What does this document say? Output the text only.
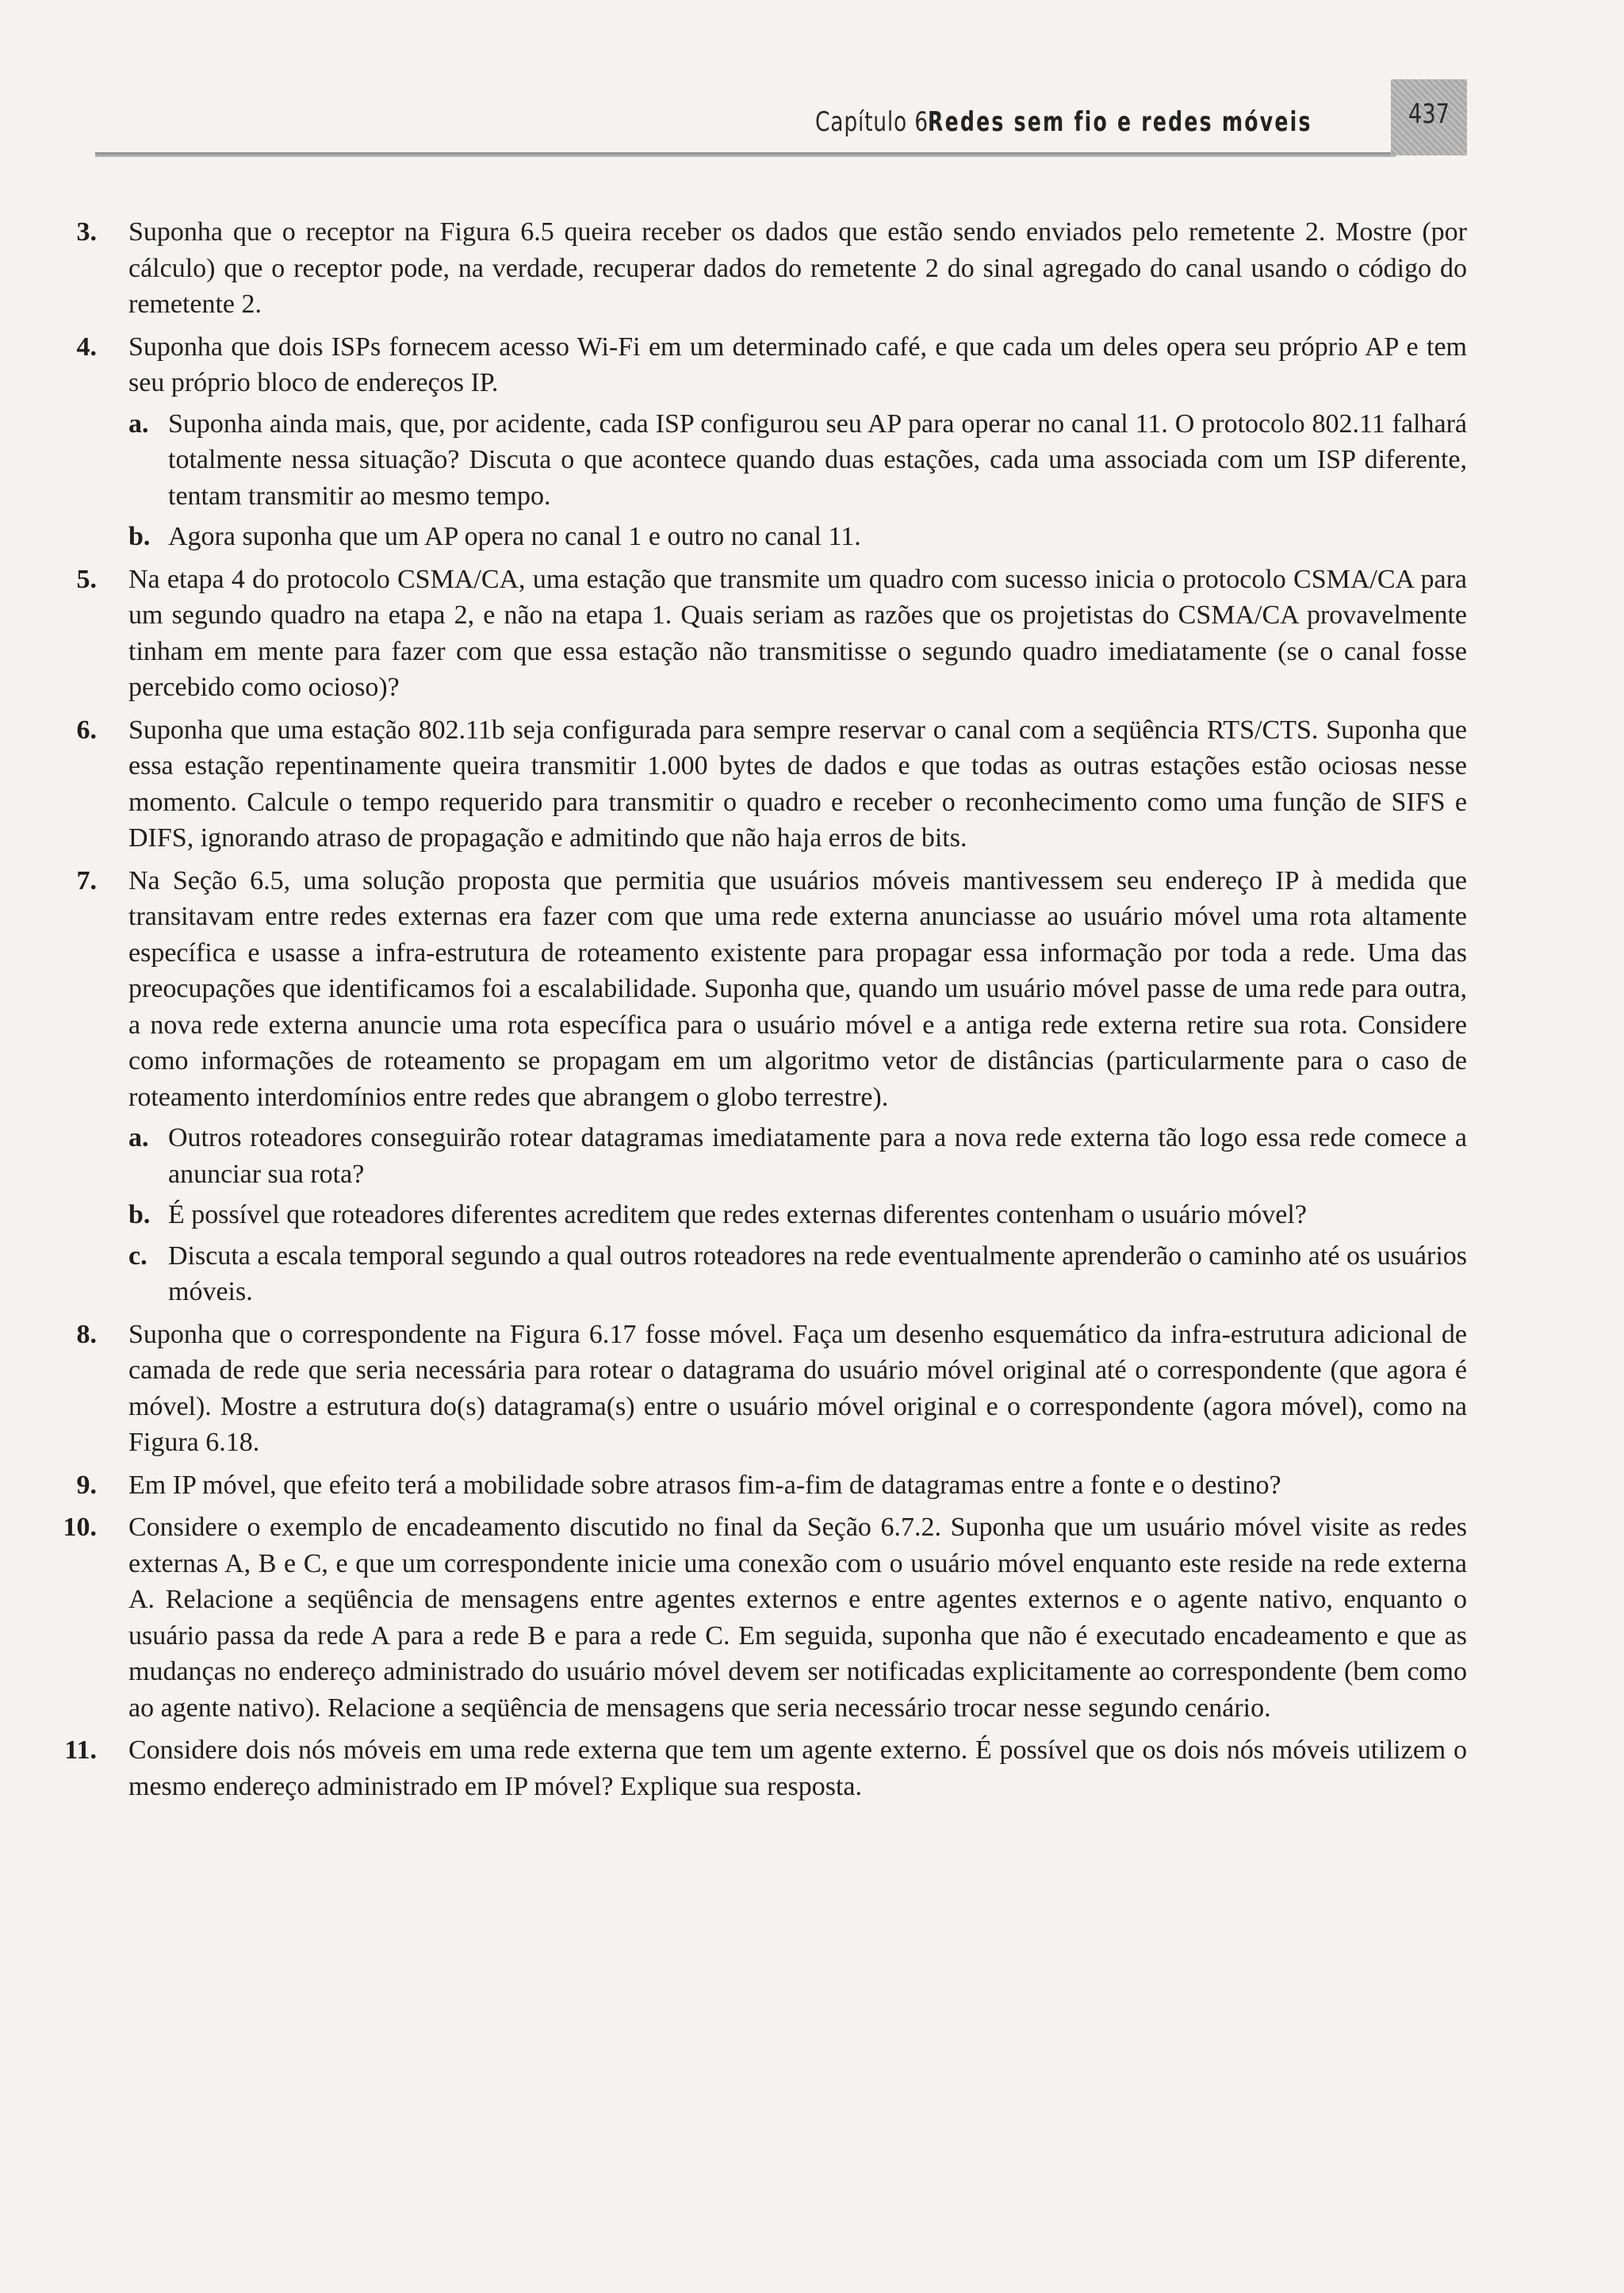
Capítulo 6 Redes sem fio e redes móveis	437
3. Suponha que o receptor na Figura 6.5 queira receber os dados que estão sendo enviados pelo remetente 2. Mostre (por cálculo) que o receptor pode, na verdade, recuperar dados do remetente 2 do sinal agregado do canal usando o código do remetente 2.
4. Suponha que dois ISPs fornecem acesso Wi-Fi em um determinado café, e que cada um deles opera seu próprio AP e tem seu próprio bloco de endereços IP.
a. Suponha ainda mais, que, por acidente, cada ISP configurou seu AP para operar no canal 11. O protocolo 802.11 falhará totalmente nessa situação? Discuta o que acontece quando duas estações, cada uma associada com um ISP diferente, tentam transmitir ao mesmo tempo.
b. Agora suponha que um AP opera no canal 1 e outro no canal 11.
5. Na etapa 4 do protocolo CSMA/CA, uma estação que transmite um quadro com sucesso inicia o protocolo CSMA/CA para um segundo quadro na etapa 2, e não na etapa 1. Quais seriam as razões que os projetistas do CSMA/CA provavelmente tinham em mente para fazer com que essa estação não transmitisse o segundo quadro imediatamente (se o canal fosse percebido como ocioso)?
6. Suponha que uma estação 802.11b seja configurada para sempre reservar o canal com a seqüência RTS/CTS. Suponha que essa estação repentinamente queira transmitir 1.000 bytes de dados e que todas as outras estações estão ociosas nesse momento. Calcule o tempo requerido para transmitir o quadro e receber o reconhecimento como uma função de SIFS e DIFS, ignorando atraso de propagação e admitindo que não haja erros de bits.
7. Na Seção 6.5, uma solução proposta que permitia que usuários móveis mantivessem seu endereço IP à medida que transitavam entre redes externas era fazer com que uma rede externa anunciasse ao usuário móvel uma rota altamente específica e usasse a infra-estrutura de roteamento existente para propagar essa informação por toda a rede. Uma das preocupações que identificamos foi a escalabilidade. Suponha que, quando um usuário móvel passe de uma rede para outra, a nova rede externa anuncie uma rota específica para o usuário móvel e a antiga rede externa retire sua rota. Considere como informações de roteamento se propagam em um algoritmo vetor de distâncias (particularmente para o caso de roteamento interdomínios entre redes que abrangem o globo terrestre).
a. Outros roteadores conseguirão rotear datagramas imediatamente para a nova rede externa tão logo essa rede comece a anunciar sua rota?
b. É possível que roteadores diferentes acreditem que redes externas diferentes contenham o usuário móvel?
c. Discuta a escala temporal segundo a qual outros roteadores na rede eventualmente aprenderão o caminho até os usuários móveis.
8. Suponha que o correspondente na Figura 6.17 fosse móvel. Faça um desenho esquemático da infra-estrutura adicional de camada de rede que seria necessária para rotear o datagrama do usuário móvel original até o correspondente (que agora é móvel). Mostre a estrutura do(s) datagrama(s) entre o usuário móvel original e o correspondente (agora móvel), como na Figura 6.18.
9. Em IP móvel, que efeito terá a mobilidade sobre atrasos fim-a-fim de datagramas entre a fonte e o destino?
10. Considere o exemplo de encadeamento discutido no final da Seção 6.7.2. Suponha que um usuário móvel visite as redes externas A, B e C, e que um correspondente inicie uma conexão com o usuário móvel enquanto este reside na rede externa A. Relacione a seqüência de mensagens entre agentes externos e entre agentes externos e o agente nativo, enquanto o usuário passa da rede A para a rede B e para a rede C. Em seguida, suponha que não é executado encadeamento e que as mudanças no endereço administrado do usuário móvel devem ser notificadas explicitamente ao correspondente (bem como ao agente nativo). Relacione a seqüência de mensagens que seria necessário trocar nesse segundo cenário.
11. Considere dois nós móveis em uma rede externa que tem um agente externo. É possível que os dois nós móveis utilizem o mesmo endereço administrado em IP móvel? Explique sua resposta.
